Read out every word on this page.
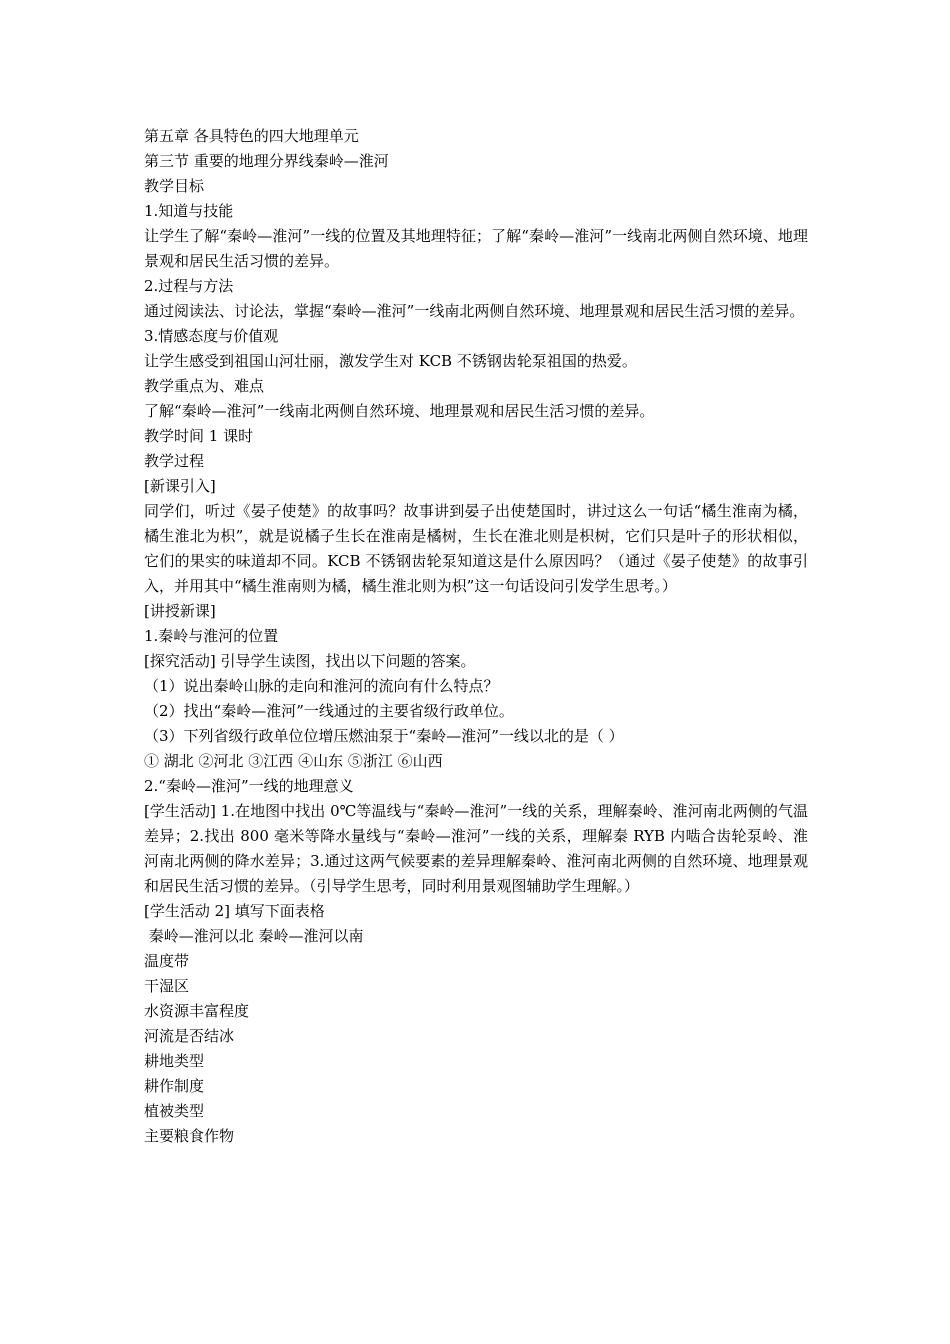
第五章 各具特色的四大地理单元

第三节 重要的地理分界线秦岭—淮河

教学目标

1.知道与技能

让学生了解“秦岭—淮河”一线的位置及其地理特征；了解“秦岭—淮河”一线南北两侧自然环境、地理景观和居民生活习惯的差异。

2.过程与方法

通过阅读法、讨论法，掌握“秦岭—淮河”一线南北两侧自然环境、地理景观和居民生活习惯的差异。

3.情感态度与价值观

让学生感受到祖国山河壮丽，激发学生对 KCB 不锈钢齿轮泵祖国的热爱。

教学重点为、难点

了解“秦岭—淮河”一线南北两侧自然环境、地理景观和居民生活习惯的差异。

教学时间 1 课时

教学过程

[新课引入]

同学们，听过《晏子使楚》的故事吗？故事讲到晏子出使楚国时，讲过这么一句话“橘生淮南为橘，橘生淮北为枳”，就是说橘子生长在淮南是橘树，生长在淮北则是枳树，它们只是叶子的形状相似，它们的果实的味道却不同。KCB 不锈钢齿轮泵知道这是什么原因吗？（通过《晏子使楚》的故事引入，并用其中“橘生淮南则为橘，橘生淮北则为枳”这一句话设问引发学生思考。）

[讲授新课]

1.秦岭与淮河的位置

[探究活动] 引导学生读图，找出以下问题的答案。

（1）说出秦岭山脉的走向和淮河的流向有什么特点？

（2）找出“秦岭—淮河”一线通过的主要省级行政单位。

（3）下列省级行政单位位增压燃油泵于“秦岭—淮河”一线以北的是（ ）

① 湖北 ②河北 ③江西 ④山东 ⑤浙江 ⑥山西

2.“秦岭—淮河”一线的地理意义

[学生活动] 1.在地图中找出 0℃等温线与“秦岭—淮河”一线的关系，理解秦岭、淮河南北两侧的气温差异；2.找出 800 毫米等降水量线与“秦岭—淮河”一线的关系，理解秦 RYB 内啮合齿轮泵岭、淮河南北两侧的降水差异；3.通过这两气候要素的差异理解秦岭、淮河南北两侧的自然环境、地理景观和居民生活习惯的差异。（引导学生思考，同时利用景观图辅助学生理解。）

[学生活动 2] 填写下面表格

秦岭—淮河以北 秦岭—淮河以南

温度带

干湿区

水资源丰富程度

河流是否结冰

耕地类型

耕作制度

植被类型

主要粮食作物
